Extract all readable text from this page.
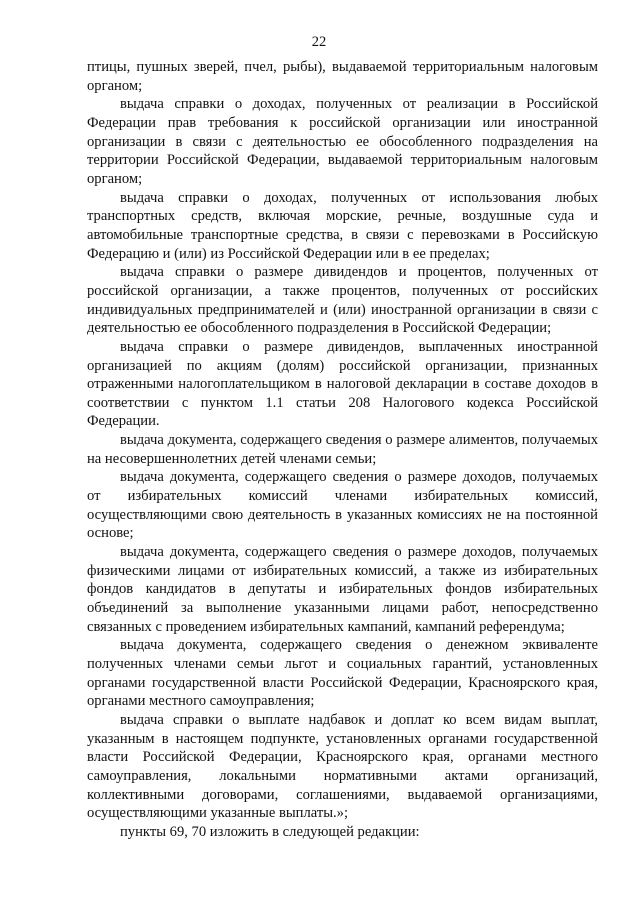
22

птицы, пушных зверей, пчел, рыбы), выдаваемой территориальным налоговым органом;

выдача справки о доходах, полученных от реализации в Российской Федерации прав требования к российской организации или иностранной организации в связи с деятельностью ее обособленного подразделения на территории Российской Федерации, выдаваемой территориальным налоговым органом;

выдача справки о доходах, полученных от использования любых транспортных средств, включая морские, речные, воздушные суда и автомобильные транспортные средства, в связи с перевозками в Российскую Федерацию и (или) из Российской Федерации или в ее пределах;

выдача справки о размере дивидендов и процентов, полученных от российской организации, а также процентов, полученных от российских индивидуальных предпринимателей и (или) иностранной организации в связи с деятельностью ее обособленного подразделения в Российской Федерации;

выдача справки о размере дивидендов, выплаченных иностранной организацией по акциям (долям) российской организации, признанных отраженными налогоплательщиком в налоговой декларации в составе доходов в соответствии с пунктом 1.1 статьи 208 Налогового кодекса Российской Федерации.

выдача документа, содержащего сведения о размере алиментов, получаемых на несовершеннолетних детей членами семьи;

выдача документа, содержащего сведения о размере доходов, получаемых от избирательных комиссий членами избирательных комиссий, осуществляющими свою деятельность в указанных комиссиях не на постоянной основе;

выдача документа, содержащего сведения о размере доходов, получаемых физическими лицами от избирательных комиссий, а также из избирательных фондов кандидатов в депутаты и избирательных фондов избирательных объединений за выполнение указанными лицами работ, непосредственно связанных с проведением избирательных кампаний, кампаний референдума;

выдача документа, содержащего сведения о денежном эквиваленте полученных членами семьи льгот и социальных гарантий, установленных органами государственной власти Российской Федерации, Красноярского края, органами местного самоуправления;

выдача справки о выплате надбавок и доплат ко всем видам выплат, указанным в настоящем подпункте, установленных органами государственной власти Российской Федерации, Красноярского края, органами местного самоуправления, локальными нормативными актами организаций, коллективными договорами, соглашениями, выдаваемой организациями, осуществляющими указанные выплаты.»;

пункты 69, 70 изложить в следующей редакции:
